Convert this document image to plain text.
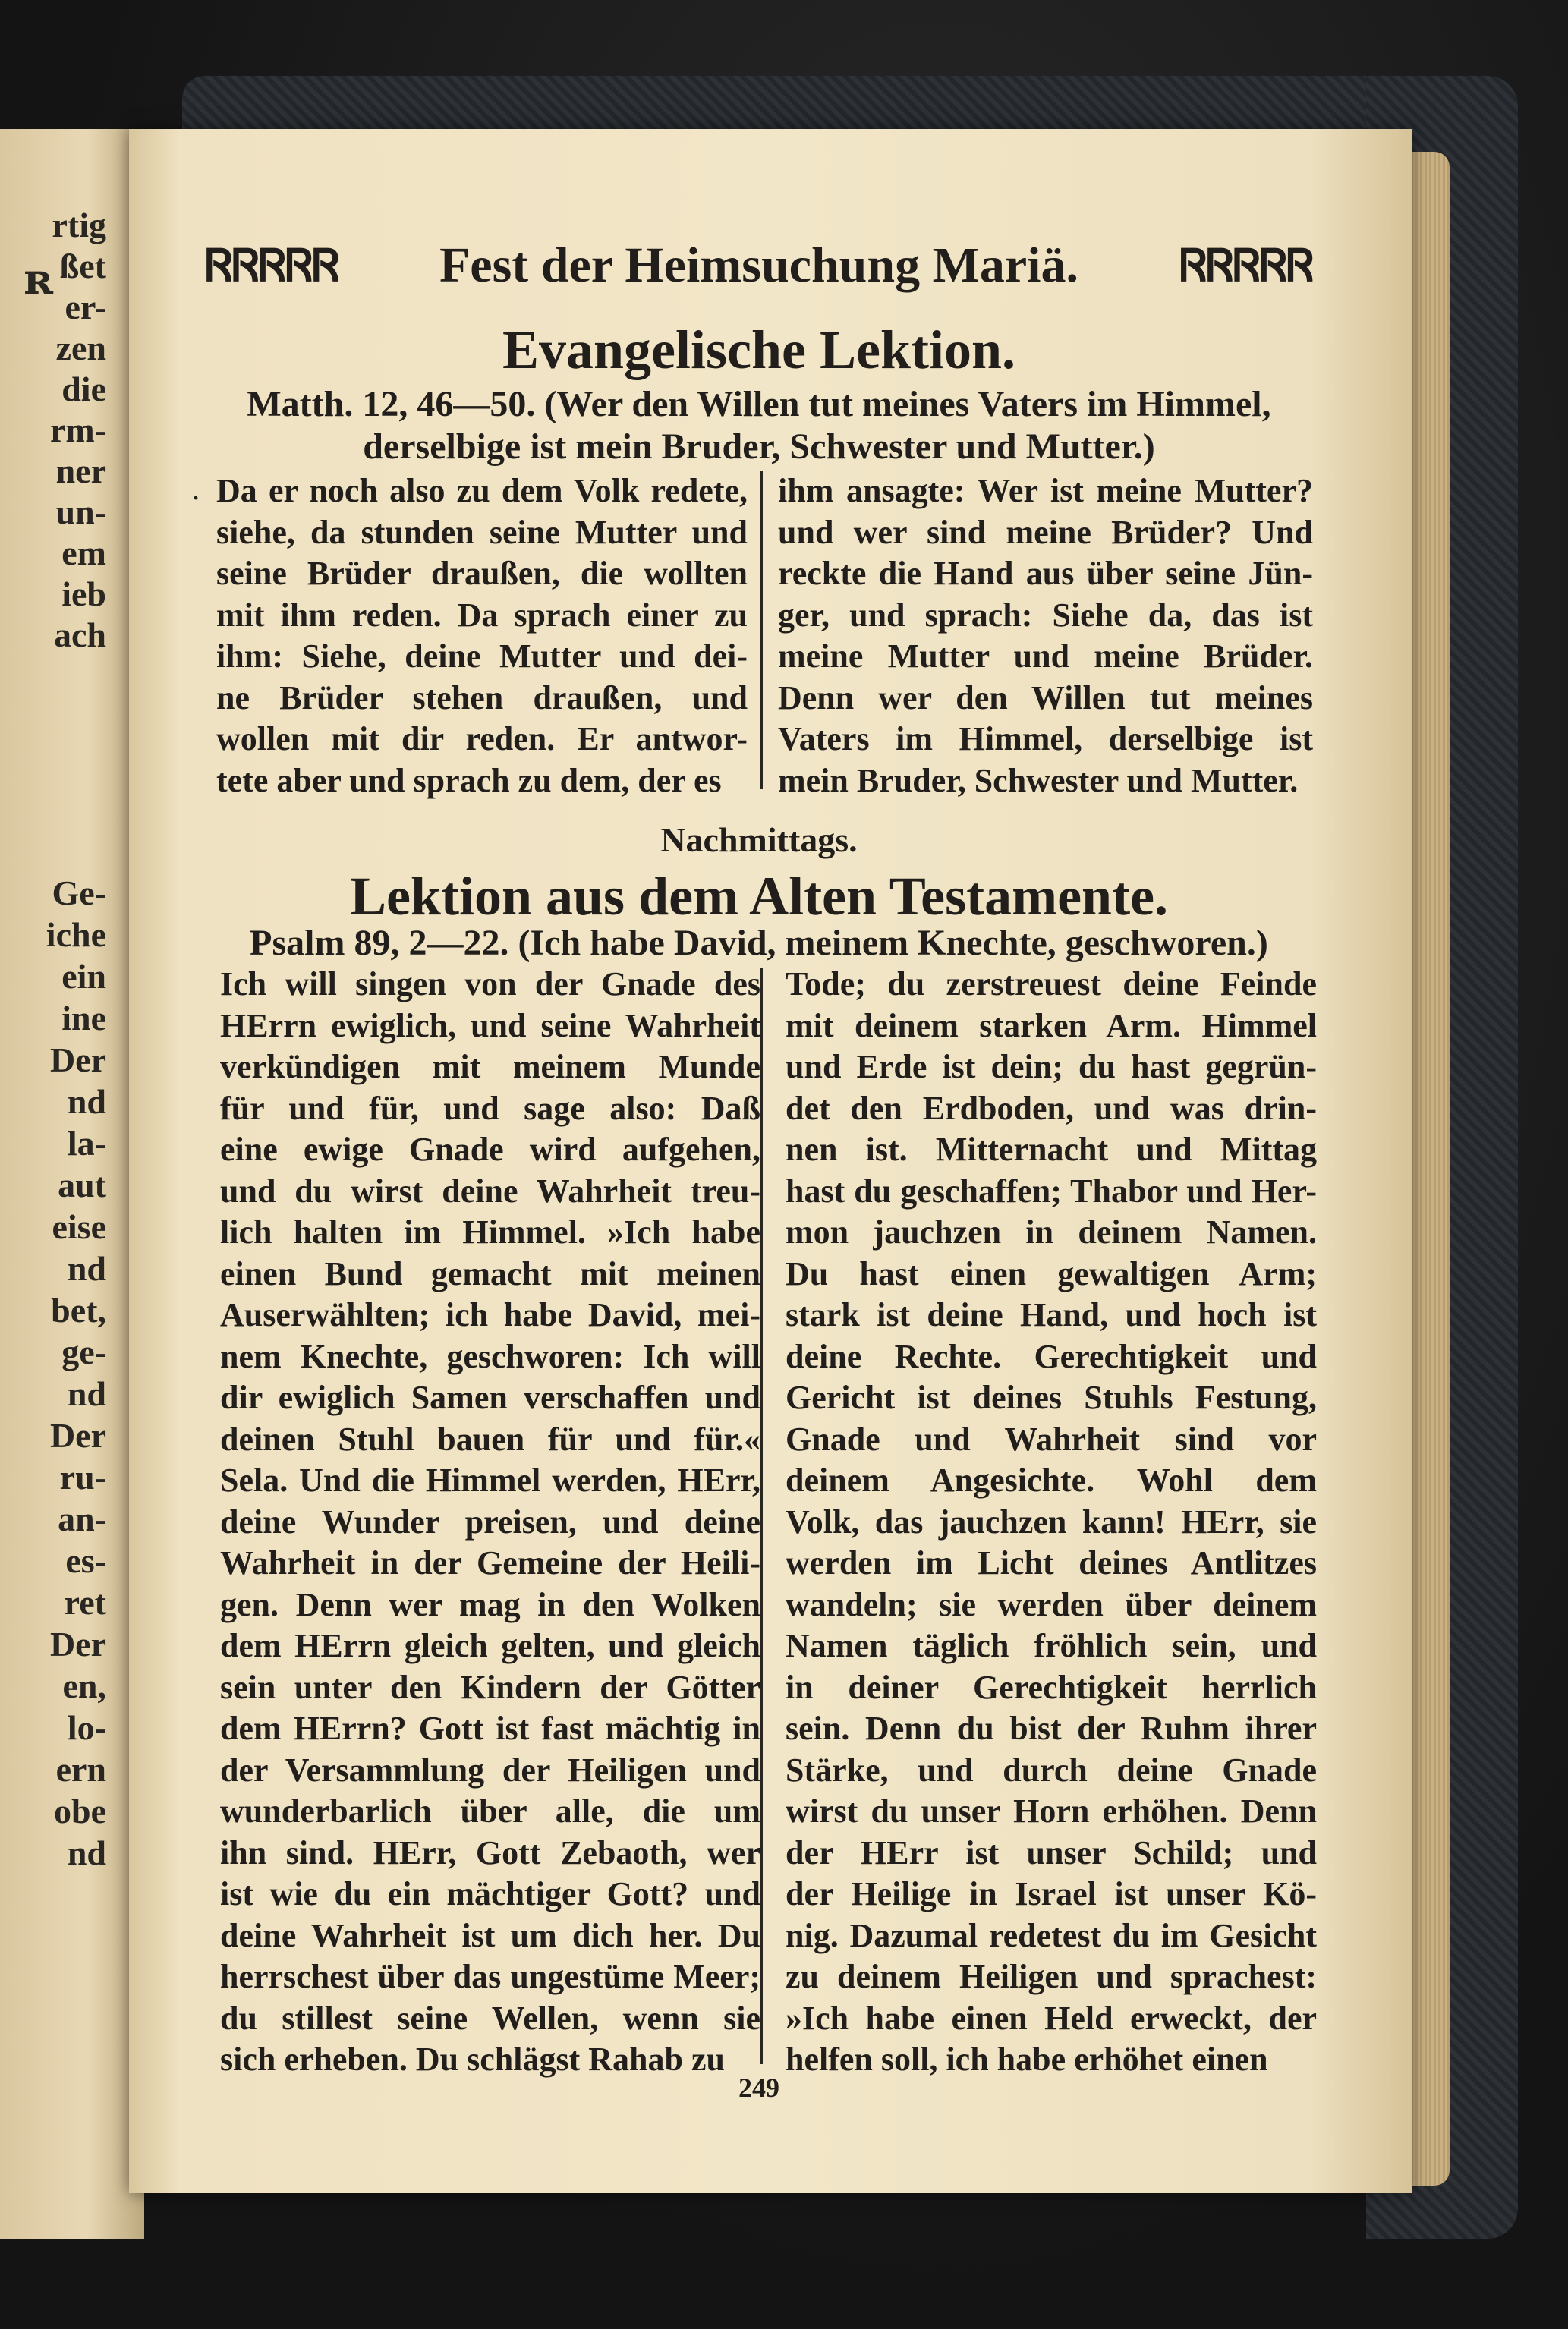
ʀ
rtig
ßet
er-
zen
die
rm-
ner
un-
em
ieb
ach
Ge-
iche
ein
ine
Der
nd
la-
aut
eise
nd
bet,
ge-
nd
Der
ru-
an-
es-
ret
Der
en,
lo-
ern
obe
nd
ᏒᏒᏒᏒᏒ Fest der Heimsuchung Mariä. ᏒᏒᏒᏒᏒ
Evangelische Lektion.
Matth. 12, 46—50. (Wer den Willen tut meines Vaters im Himmel,
derselbige ist mein Bruder, Schwester und Mutter.)
· Da er noch also zu dem Volk redete,
siehe, da stunden seine Mutter und
seine Brüder draußen, die wollten
mit ihm reden. Da sprach einer zu
ihm: Siehe, deine Mutter und dei-
ne Brüder stehen draußen, und
wollen mit dir reden. Er antwor-
tete aber und sprach zu dem, der es
ihm ansagte: Wer ist meine Mutter?
und wer sind meine Brüder? Und
reckte die Hand aus über seine Jün-
ger, und sprach: Siehe da, das ist
meine Mutter und meine Brüder.
Denn wer den Willen tut meines
Vaters im Himmel, derselbige ist
mein Bruder, Schwester und Mutter.
Nachmittags.
Lektion aus dem Alten Testamente.
Psalm 89, 2—22. (Ich habe David, meinem Knechte, geschworen.)
Ich will singen von der Gnade des
HErrn ewiglich, und seine Wahrheit
verkündigen mit meinem Munde
für und für, und sage also: Daß
eine ewige Gnade wird aufgehen,
und du wirst deine Wahrheit treu-
lich halten im Himmel. »Ich habe
einen Bund gemacht mit meinen
Auserwählten; ich habe David, mei-
nem Knechte, geschworen: Ich will
dir ewiglich Samen verschaffen und
deinen Stuhl bauen für und für.«
Sela. Und die Himmel werden, HErr,
deine Wunder preisen, und deine
Wahrheit in der Gemeine der Heili-
gen. Denn wer mag in den Wolken
dem HErrn gleich gelten, und gleich
sein unter den Kindern der Götter
dem HErrn? Gott ist fast mächtig in
der Versammlung der Heiligen und
wunderbarlich über alle, die um
ihn sind. HErr, Gott Zebaoth, wer
ist wie du ein mächtiger Gott? und
deine Wahrheit ist um dich her. Du
herrschest über das ungestüme Meer;
du stillest seine Wellen, wenn sie
sich erheben. Du schlägst Rahab zu
Tode; du zerstreuest deine Feinde
mit deinem starken Arm. Himmel
und Erde ist dein; du hast gegrün-
det den Erdboden, und was drin-
nen ist. Mitternacht und Mittag
hast du geschaffen; Thabor und Her-
mon jauchzen in deinem Namen.
Du hast einen gewaltigen Arm;
stark ist deine Hand, und hoch ist
deine Rechte. Gerechtigkeit und
Gericht ist deines Stuhls Festung,
Gnade und Wahrheit sind vor
deinem Angesichte. Wohl dem
Volk, das jauchzen kann! HErr, sie
werden im Licht deines Antlitzes
wandeln; sie werden über deinem
Namen täglich fröhlich sein, und
in deiner Gerechtigkeit herrlich
sein. Denn du bist der Ruhm ihrer
Stärke, und durch deine Gnade
wirst du unser Horn erhöhen. Denn
der HErr ist unser Schild; und
der Heilige in Israel ist unser Kö-
nig. Dazumal redetest du im Gesicht
zu deinem Heiligen und sprachest:
»Ich habe einen Held erweckt, der
helfen soll, ich habe erhöhet einen
249
